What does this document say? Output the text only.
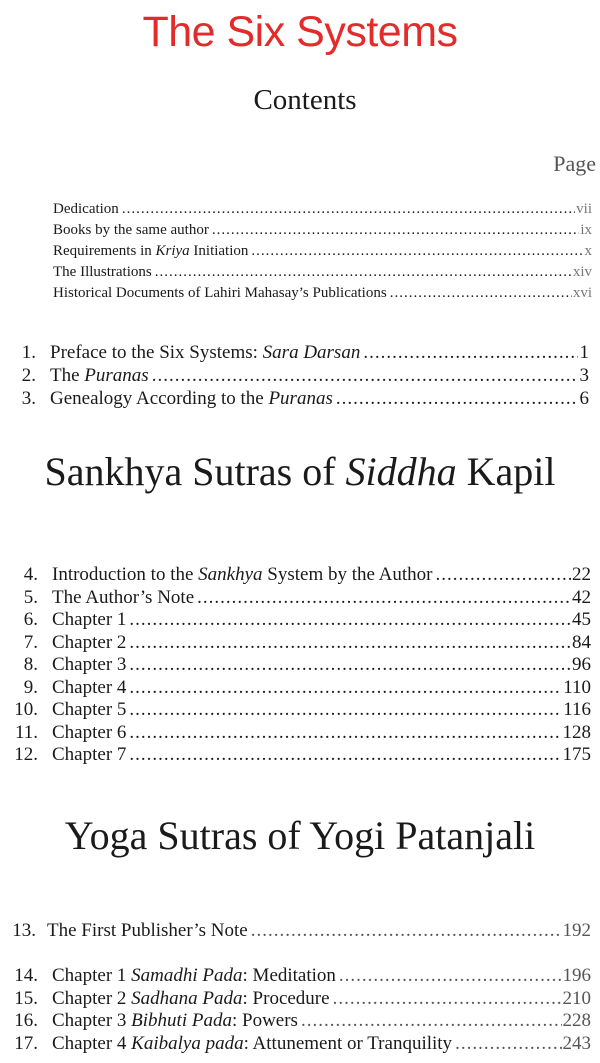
The Six Systems
Contents
Page
Dedication .....	vii
Books by the same author .....	ix
Requirements in Kriya Initiation .....	x
The Illustrations .....	xiv
Historical Documents of Lahiri Mahasay’s Publications .....	xvi
1. Preface to the Six Systems: Sara Darsan .....	1
2. The Puranas .....	3
3. Genealogy According to the Puranas .....	6
Sankhya Sutras of Siddha Kapil
4. Introduction to the Sankhya System by the Author .....	22
5. The Author’s Note .....	42
6. Chapter 1 .....	45
7. Chapter 2 .....	84
8. Chapter 3 .....	96
9. Chapter 4 .....	110
10. Chapter 5 .....	116
11. Chapter 6 .....	128
12. Chapter 7 .....	175
Yoga Sutras of Yogi Patanjali
13. The First Publisher’s Note .....	192
14. Chapter 1 Samadhi Pada: Meditation .....	196
15. Chapter 2 Sadhana Pada: Procedure .....	210
16. Chapter 3 Bibhuti Pada: Powers .....	228
17. Chapter 4 Kaibalya pada: Attunement or Tranquility .....	243
